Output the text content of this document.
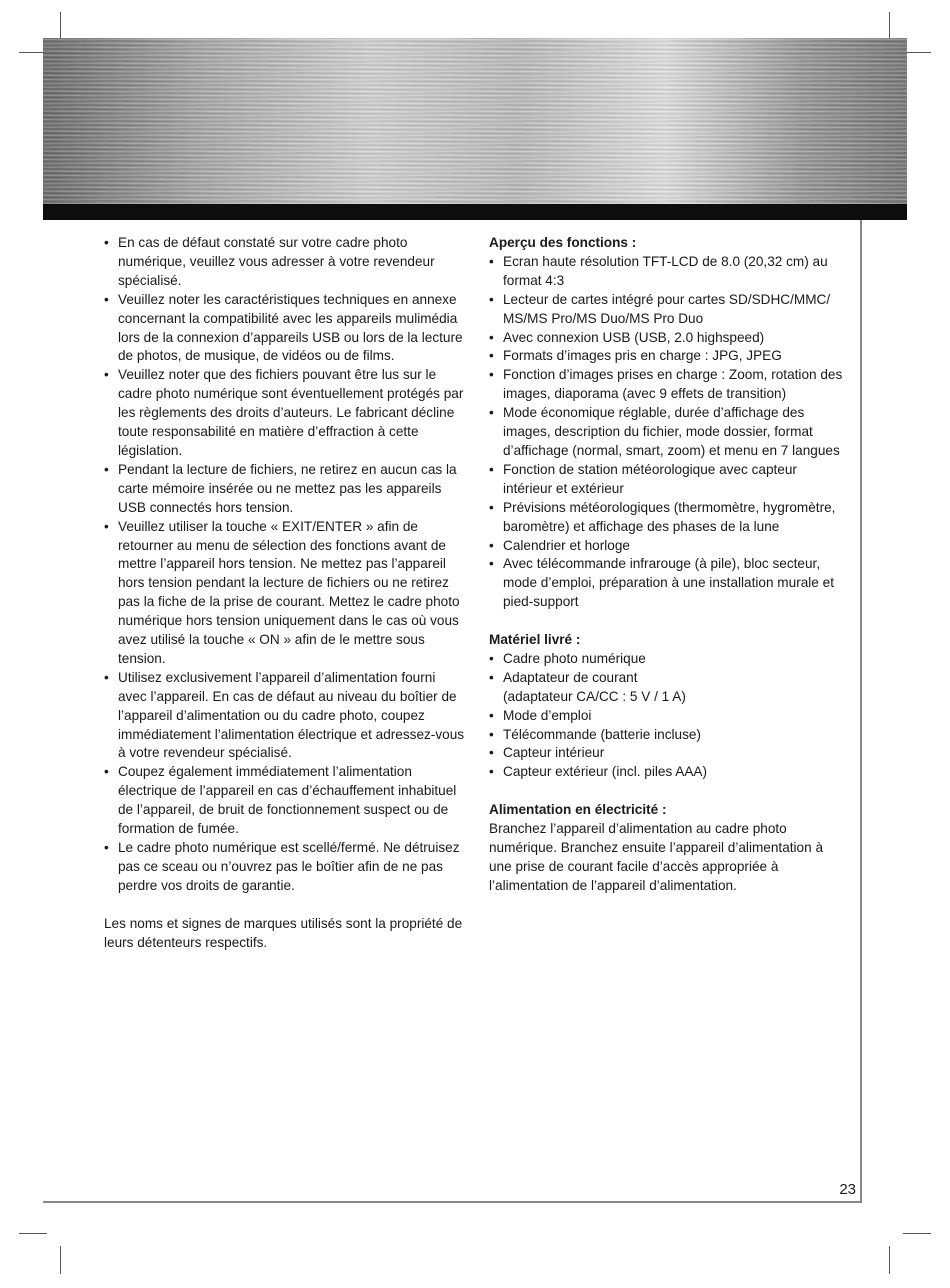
• En cas de défaut constaté sur votre cadre photo numérique, veuillez vous adresser à votre revendeur spécialisé.
• Veuillez noter les caractéristiques techniques en annexe concernant la compatibilité avec les appareils mulimédia lors de la connexion d’appareils USB ou lors de la lecture de photos, de musique, de vidéos ou de films.
• Veuillez noter que des fichiers pouvant être lus sur le cadre photo numérique sont éventuellement protégés par les règlements des droits d’auteurs. Le fabricant décline toute responsabilité en matière d’effraction à cette législation.
• Pendant la lecture de fichiers, ne retirez en aucun cas la carte mémoire insérée ou ne mettez pas les appareils USB connectés hors tension.
• Veuillez utiliser la touche « EXIT/ENTER » afin de retourner au menu de sélection des fonctions avant de mettre l’appareil hors tension. Ne mettez pas l’appareil hors tension pendant la lecture de fichiers ou ne retirez pas la fiche de la prise de courant. Mettez le cadre photo numérique hors tension uniquement dans le cas où vous avez utilisé la touche « ON » afin de le mettre sous tension.
• Utilisez exclusivement l’appareil d’alimentation fourni avec l’appareil. En cas de défaut au niveau du boîtier de l’appareil d’alimentation ou du cadre photo, coupez immédiatement l’alimentation électrique et adressez-vous à votre revendeur spécialisé.
• Coupez également immédiatement l’alimentation électrique de l’appareil en cas d’échauffement inhabituel de l’appareil, de bruit de fonctionnement suspect ou de formation de fumée.
• Le cadre photo numérique est scellé/fermé. Ne détruisez pas ce sceau ou n’ouvrez pas le boîtier afin de ne pas perdre vos droits de garantie.

Les noms et signes de marques utilisés sont la propriété de leurs détenteurs respectifs.

Aperçu des fonctions :
• Ecran haute résolution TFT-LCD de 8.0 (20,32 cm) au format 4:3
• Lecteur de cartes intégré pour cartes SD/SDHC/MMC/ MS/MS Pro/MS Duo/MS Pro Duo
• Avec connexion USB (USB, 2.0 highspeed)
• Formats d’images pris en charge : JPG, JPEG
• Fonction d’images prises en charge : Zoom, rotation des images, diaporama (avec 9 effets de transition)
• Mode économique réglable, durée d’affichage des images, description du fichier, mode dossier, format d’affichage (normal, smart, zoom) et menu en 7 langues
• Fonction de station météorologique avec capteur intérieur et extérieur
• Prévisions météorologiques (thermomètre, hygromètre, baromètre) et affichage des phases de la lune
• Calendrier et horloge
• Avec télécommande infrarouge (à pile), bloc secteur, mode d’emploi, préparation à une installation murale et pied-support
Matériel livré :
• Cadre photo numérique
• Adaptateur de courant
(adaptateur CA/CC : 5 V / 1 A)
• Mode d’emploi
• Télécommande (batterie incluse)
• Capteur intérieur
• Capteur extérieur (incl. piles AAA)
Alimentation en électricité :

Branchez l’appareil d’alimentation au cadre photo numérique. Branchez ensuite l’appareil d’alimentation à une prise de courant facile d’accès appropriée à l’alimentation de l’appareil d’alimentation.

23
